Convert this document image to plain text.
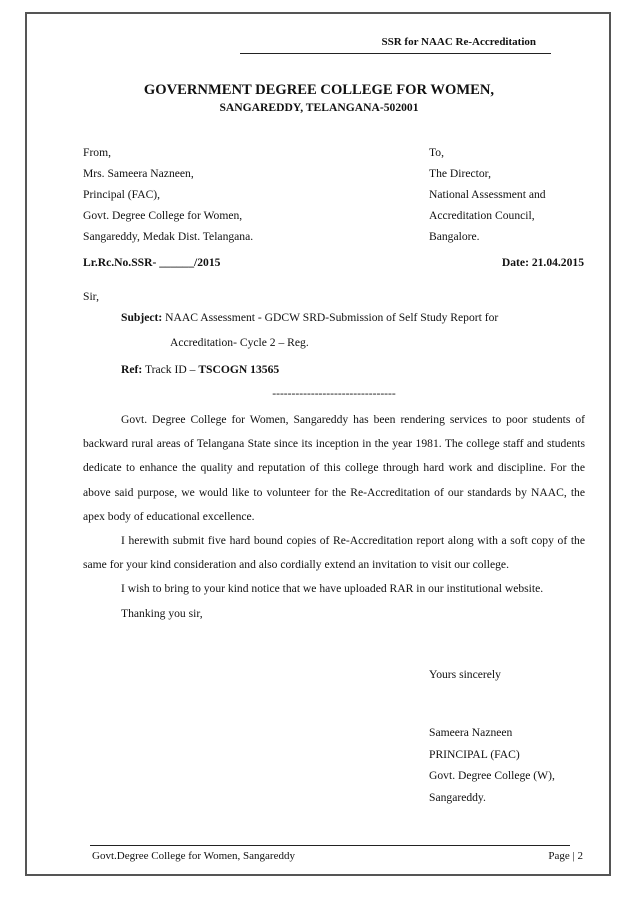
SSR for NAAC Re-Accreditation
GOVERNMENT DEGREE COLLEGE FOR WOMEN,
SANGAREDDY, TELANGANA-502001
From,
Mrs. Sameera Nazneen,
Principal (FAC),
Govt. Degree College for Women,
Sangareddy, Medak Dist. Telangana.
To,
The Director,
National Assessment and
Accreditation Council,
Bangalore.
Lr.Rc.No.SSR- ______/2015	Date: 21.04.2015
Sir,
Subject: NAAC Assessment - GDCW SRD-Submission of Self Study Report for
Accreditation- Cycle 2 – Reg.
Ref: Track ID – TSCOGN 13565
--------------------------------

Govt. Degree College for Women, Sangareddy has been rendering services to poor students of backward rural areas of Telangana State since its inception in the year 1981. The college staff and students dedicate to enhance the quality and reputation of this college through hard work and discipline. For the above said purpose, we would like to volunteer for the Re-Accreditation of our standards by NAAC, the apex body of educational excellence.

I herewith submit five hard bound copies of Re-Accreditation report along with a soft copy of the same for your kind consideration and also cordially extend an invitation to visit our college.

I wish to bring to your kind notice that we have uploaded RAR in our institutional website.

Thanking you sir,
Yours sincerely
Sameera Nazneen
PRINCIPAL (FAC)
Govt. Degree College (W),
Sangareddy.
Govt.Degree College for Women, Sangareddy	Page | 2
